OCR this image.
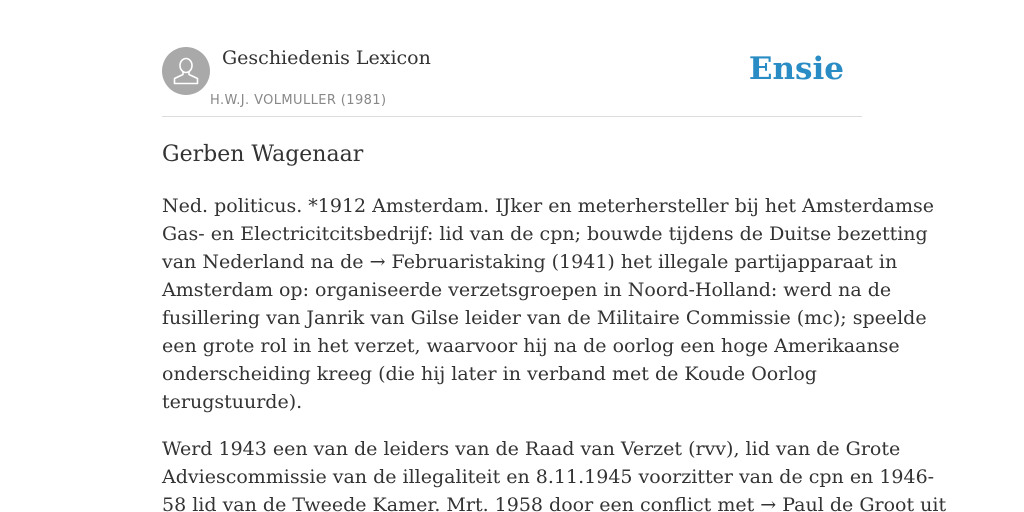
Geschiedenis Lexicon
H.W.J. VOLMULLER (1981)
Ensie
Gerben Wagenaar

Ned. politicus. *1912 Amsterdam. IJker en meterhersteller bij het Amsterdamse
Gas- en Electricitcitsbedrijf: lid van de cpn; bouwde tijdens de Duitse bezetting
van Nederland na de → Februaristaking (1941) het illegale partijapparaat in
Amsterdam op: organiseerde verzetsgroepen in Noord-Holland: werd na de
fusillering van Janrik van Gilse leider van de Militaire Commissie (mc); speelde
een grote rol in het verzet, waarvoor hij na de oorlog een hoge Amerikaanse
onderscheiding kreeg (die hij later in verband met de Koude Oorlog
terugstuurde).

Werd 1943 een van de leiders van de Raad van Verzet (rvv), lid van de Grote
Adviescommissie van de illegaliteit en 8.11.1945 voorzitter van de cpn en 1946-
58 lid van de Tweede Kamer. Mrt. 1958 door een conflict met → Paul de Groot uit
